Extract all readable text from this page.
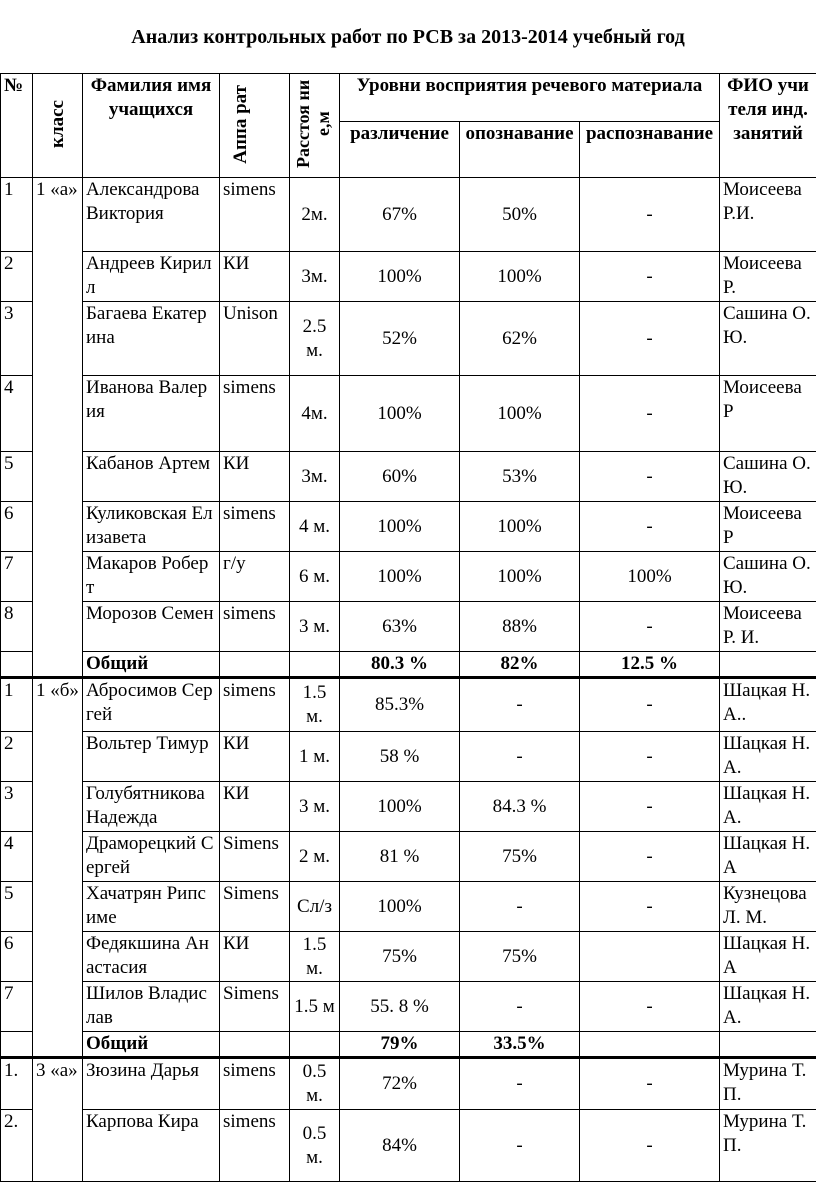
Анализ контрольных работ по РСВ за 2013-2014 учебный год
№	класс	Фамилия имя учащихся	Аппа рат	Расстоя ние,м	Уровни восприятия речевого материала			ФИО учителя инд. занятий
					различение	опознавание	распознавание	
1	1 «а»	Александрова Виктория	simens	2м.	67%	50%	-	Моисеева Р.И.
2		Андреев Кирилл	КИ	3м.	100%	100%	-	Моисеева Р.
3		Багаева Екатерина	Unison	2.5 м.	52%	62%	-	Сашина О.Ю.
4		Иванова Валерия	simens	4м.	100%	100%	-	Моисеева Р
5		Кабанов Артем	КИ	3м.	60%	53%	-	Сашина О. Ю.
6		Куликовская Елизавета	simens	4 м.	100%	100%	-	Моисеева Р
7		Макаров Роберт	г/у	6 м.	100%	100%	100%	Сашина О.Ю.
8		Морозов Семен	simens	3 м.	63%	88%	-	Моисеева Р. И.
		Общий			80.3 %	82%	12.5 %	
1	1 «б»	Абросимов Сергей	simens	1.5 м.	85.3%	-	-	Шацкая Н.А..
2		Вольтер Тимур	КИ	1 м.	58 %	-	-	Шацкая Н.А.
3		Голубятникова Надежда	КИ	3 м.	100%	84.3 %	-	Шацкая Н.А.
4		Драморецкий Сергей	Simens	2 м.	81 %	75%	-	Шацкая Н. А
5		Хачатрян Рипсиме	Simens	Сл/з	100%	-	-	Кузнецова Л. М.
6		Федякшина Анастасия	КИ	1.5 м.	75%	75%		Шацкая Н. А
7		Шилов Владислав	Simens	1.5 м	55. 8 %	-	-	Шацкая Н.А.
		Общий			79%	33.5%		
1.	3 «а»	Зюзина Дарья	simens	0.5 м.	72%	-	-	Мурина Т. П.
2.		Карпова Кира	simens	0.5 м.	84%	-	-	Мурина Т. П.
